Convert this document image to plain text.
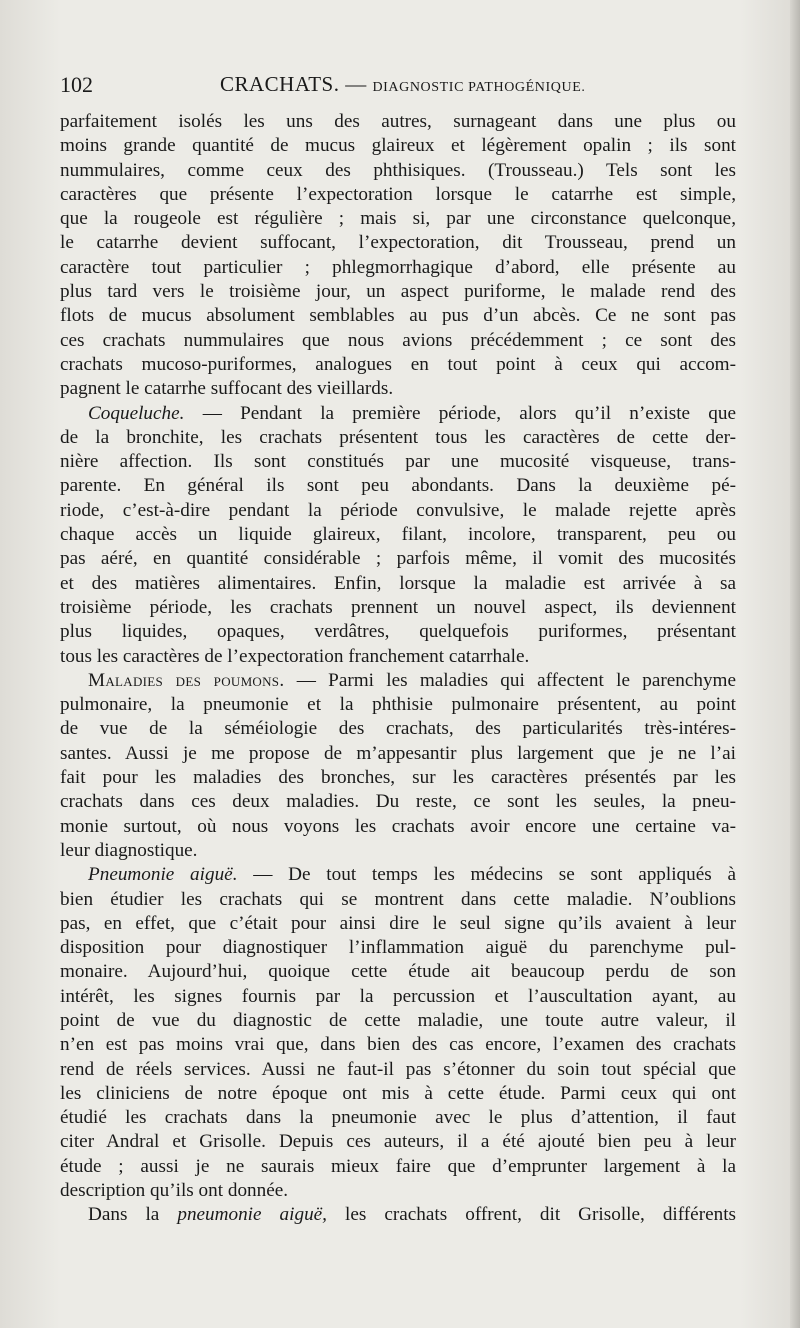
102	CRACHATS. — DIAGNOSTIC PATHOGÉNIQUE.
parfaitement isolés les uns des autres, surnageant dans une plus ou
moins grande quantité de mucus glaireux et légèrement opalin ; ils sont
nummulaires, comme ceux des phthisiques. (Trousseau.) Tels sont les
caractères que présente l’expectoration lorsque le catarrhe est simple,
que la rougeole est régulière ; mais si, par une circonstance quelconque,
le catarrhe devient suffocant, l’expectoration, dit Trousseau, prend un
caractère tout particulier ; phlegmorrhagique d’abord, elle présente au
plus tard vers le troisième jour, un aspect puriforme, le malade rend des
flots de mucus absolument semblables au pus d’un abcès. Ce ne sont pas
ces crachats nummulaires que nous avions précédemment ; ce sont des
crachats mucoso-puriformes, analogues en tout point à ceux qui accom-
pagnent le catarrhe suffocant des vieillards.
Coqueluche. — Pendant la première période, alors qu’il n’existe que
de la bronchite, les crachats présentent tous les caractères de cette der-
nière affection. Ils sont constitués par une mucosité visqueuse, trans-
parente. En général ils sont peu abondants. Dans la deuxième pé-
riode, c’est-à-dire pendant la période convulsive, le malade rejette après
chaque accès un liquide glaireux, filant, incolore, transparent, peu ou
pas aéré, en quantité considérable ; parfois même, il vomit des mucosités
et des matières alimentaires. Enfin, lorsque la maladie est arrivée à sa
troisième période, les crachats prennent un nouvel aspect, ils deviennent
plus liquides, opaques, verdâtres, quelquefois puriformes, présentant
tous les caractères de l’expectoration franchement catarrhale.
Maladies des poumons. — Parmi les maladies qui affectent le parenchyme
pulmonaire, la pneumonie et la phthisie pulmonaire présentent, au point
de vue de la séméiologie des crachats, des particularités très-intéres-
santes. Aussi je me propose de m’appesantir plus largement que je ne l’ai
fait pour les maladies des bronches, sur les caractères présentés par les
crachats dans ces deux maladies. Du reste, ce sont les seules, la pneu-
monie surtout, où nous voyons les crachats avoir encore une certaine va-
leur diagnostique.
Pneumonie aiguë. — De tout temps les médecins se sont appliqués à
bien étudier les crachats qui se montrent dans cette maladie. N’oublions
pas, en effet, que c’était pour ainsi dire le seul signe qu’ils avaient à leur
disposition pour diagnostiquer l’inflammation aiguë du parenchyme pul-
monaire. Aujourd’hui, quoique cette étude ait beaucoup perdu de son
intérêt, les signes fournis par la percussion et l’auscultation ayant, au
point de vue du diagnostic de cette maladie, une toute autre valeur, il
n’en est pas moins vrai que, dans bien des cas encore, l’examen des crachats
rend de réels services. Aussi ne faut-il pas s’étonner du soin tout spécial que
les cliniciens de notre époque ont mis à cette étude. Parmi ceux qui ont
étudié les crachats dans la pneumonie avec le plus d’attention, il faut
citer Andral et Grisolle. Depuis ces auteurs, il a été ajouté bien peu à leur
étude ; aussi je ne saurais mieux faire que d’emprunter largement à la
description qu’ils ont donnée.
Dans la pneumonie aiguë, les crachats offrent, dit Grisolle, différents
